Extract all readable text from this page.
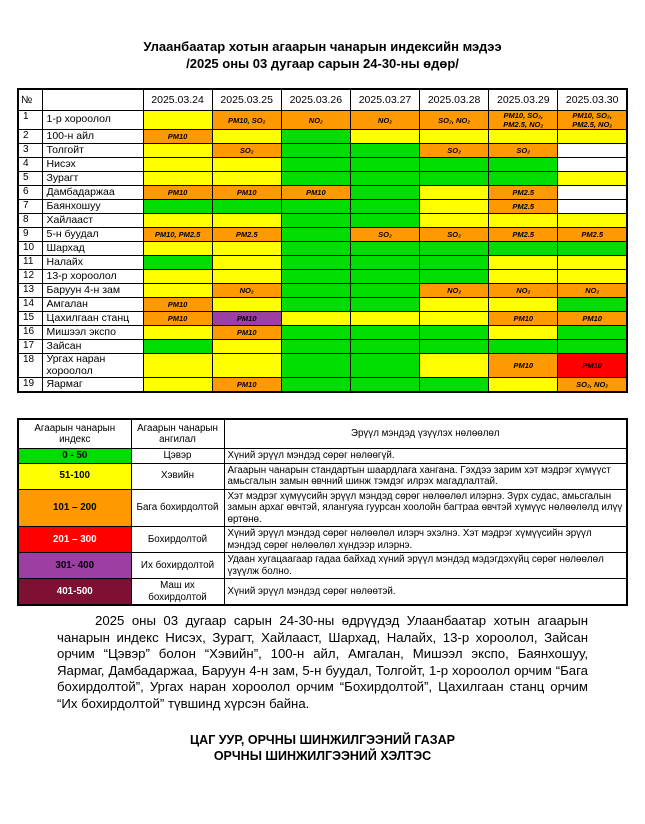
Улаанбаатар хотын агаарын чанарын индексийн мэдээ
/2025 оны 03 дугаар сарын 24-30-ны өдөр/
№		2025.03.24	2025.03.25	2025.03.26	2025.03.27	2025.03.28	2025.03.29	2025.03.30
1	1-р хороолол		PM10, SO₂	NO₂	NO₂	SO₂, NO₂	PM10, SO₂, PM2.5, NO₂	PM10, SO₂, PM2.5, NO₂
2	100-н айл	PM10						
3	Толгойт		SO₂			SO₂	SO₂	
4	Нисэх							
5	Зурагт							
6	Дамбадаржаа	PM10	PM10	PM10			PM2.5	
7	Баянхошуу						PM2.5	
8	Хайлааст							
9	5-н буудал	PM10, PM2.5	PM2.5		SO₂	SO₂	PM2.5	PM2.5
10	Шархад							
11	Налайх							
12	13-р хороолол							
13	Баруун 4-н зам		NO₂			NO₂	NO₂	NO₂
14	Амгалан	PM10						
15	Цахилгаан станц	PM10	PM10				PM10	PM10
16	Мишээл экспо		PM10					
17	Зайсан							
18	Ургах наран хороолол						PM10	PM10
19	Яармаг		PM10					SO₂, NO₂
Агаарын чанарын индекс	Агаарын чанарын ангилал	Эрүүл мэндэд үзүүлэх нөлөөлөл
0 - 50	Цэвэр	Хүний эрүүл мэндэд сөрөг нөлөөгүй.
51-100	Хэвийн	Агаарын чанарын стандартын шаардлага хангана. Гэхдээ зарим хэт мэдрэг хүмүүст амьсгалын замын өвчний шинж тэмдэг илрэх магадлалтай.
101 – 200	Бага бохирдолтой	Хэт мэдрэг хүмүүсийн эрүүл мэндэд сөрөг нөлөөлөл илэрнэ. Зүрх судас, амьсгалын замын архаг өвчтэй, ялангуяа гуурсан хоолойн багтраа өвчтэй хүмүүс нөлөөлөлд илүү өртөнө.
201 – 300	Бохирдолтой	Хүний эрүүл мэндэд сөрөг нөлөөлөл илэрч эхэлнэ. Хэт мэдрэг хүмүүсийн эрүүл мэндэд сөрөг нөлөөлөл хүндээр илэрнэ.
301- 400	Их бохирдолтой	Удаан хугацаагаар гадаа байхад хүний эрүүл мэндэд мэдэгдэхүйц сөрөг нөлөөлөл үзүүлж болно.
401-500	Маш их бохирдолтой	Хүний эрүүл мэндэд сөрөг нөлөөтэй.

2025 оны 03 дугаар сарын 24-30-ны өдрүүдэд Улаанбаатар хотын агаарын чанарын индекс Нисэх, Зурагт, Хайлааст, Шархад, Налайх, 13-р хороолол, Зайсан орчим “Цэвэр” болон “Хэвийн”, 100-н айл, Амгалан, Мишээл экспо, Баянхошуу, Яармаг, Дамбадаржаа, Баруун 4-н зам, 5-н буудал, Толгойт, 1-р хороолол орчим “Бага бохирдолтой”, Ургах наран хороолол орчим “Бохирдолтой”, Цахилгаан станц орчим “Их бохирдолтой” түвшинд хүрсэн байна.

ЦАГ УУР, ОРЧНЫ ШИНЖИЛГЭЭНИЙ ГАЗАР
ОРЧНЫ ШИНЖИЛГЭЭНИЙ ХЭЛТЭС
